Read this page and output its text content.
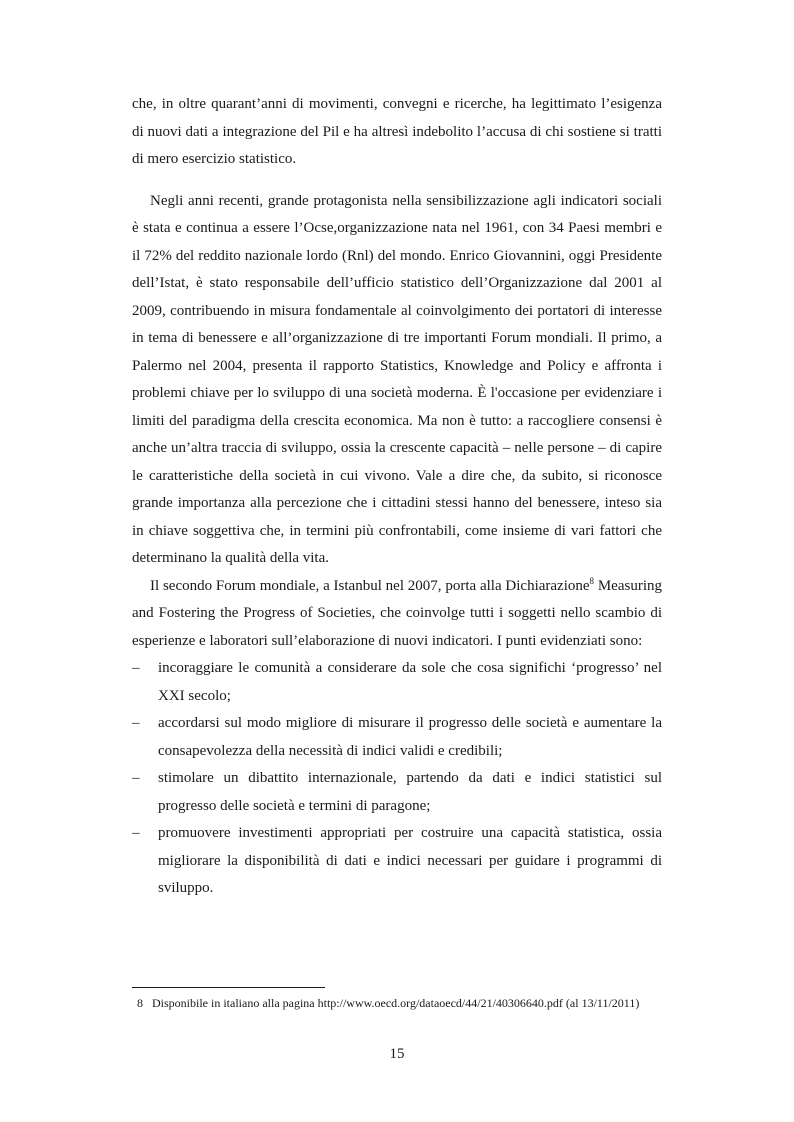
che, in oltre quarant’anni di movimenti, convegni e ricerche, ha legittimato l’esigenza di nuovi dati a integrazione del Pil e ha altresì indebolito l’accusa di chi sostiene si tratti di mero esercizio statistico.

Negli anni recenti, grande protagonista nella sensibilizzazione agli indicatori sociali è stata e continua a essere l’Ocse,organizzazione nata nel 1961, con 34 Paesi membri e il 72% del reddito nazionale lordo (Rnl) del mondo. Enrico Giovannini, oggi Presidente dell’Istat, è stato responsabile dell’ufficio statistico dell’Organizzazione dal 2001 al 2009, contribuendo in misura fondamentale al coinvolgimento dei portatori di interesse in tema di benessere e all’organizzazione di tre importanti Forum mondiali. Il primo, a Palermo nel 2004, presenta il rapporto Statistics, Knowledge and Policy e affronta i problemi chiave per lo sviluppo di una società moderna. È l'occasione per evidenziare i limiti del paradigma della crescita economica. Ma non è tutto: a raccogliere consensi è anche un’altra traccia di sviluppo, ossia la crescente capacità – nelle persone – di capire le caratteristiche della società in cui vivono. Vale a dire che, da subito, si riconosce grande importanza alla percezione che i cittadini stessi hanno del benessere, inteso sia in chiave soggettiva che, in termini più confrontabili, come insieme di vari fattori che determinano la qualità della vita.

Il secondo Forum mondiale, a Istanbul nel 2007, porta alla Dichiarazione$^8$ Measuring and Fostering the Progress of Societies, che coinvolge tutti i soggetti nello scambio di esperienze e laboratori sull’elaborazione di nuovi indicatori. I punti evidenziati sono:

– incoraggiare le comunità a considerare da sole che cosa significhi ‘progresso’ nel XXI secolo;
– accordarsi sul modo migliore di misurare il progresso delle società e aumentare la consapevolezza della necessità di indici validi e credibili;
– stimolare un dibattito internazionale, partendo da dati e indici statistici sul progresso delle società e termini di paragone;
– promuovere investimenti appropriati per costruire una capacità statistica, ossia migliorare la disponibilità di dati e indici necessari per guidare i programmi di sviluppo.
8 Disponibile in italiano alla pagina http://www.oecd.org/dataoecd/44/21/40306640.pdf (al 13/11/2011)
15
